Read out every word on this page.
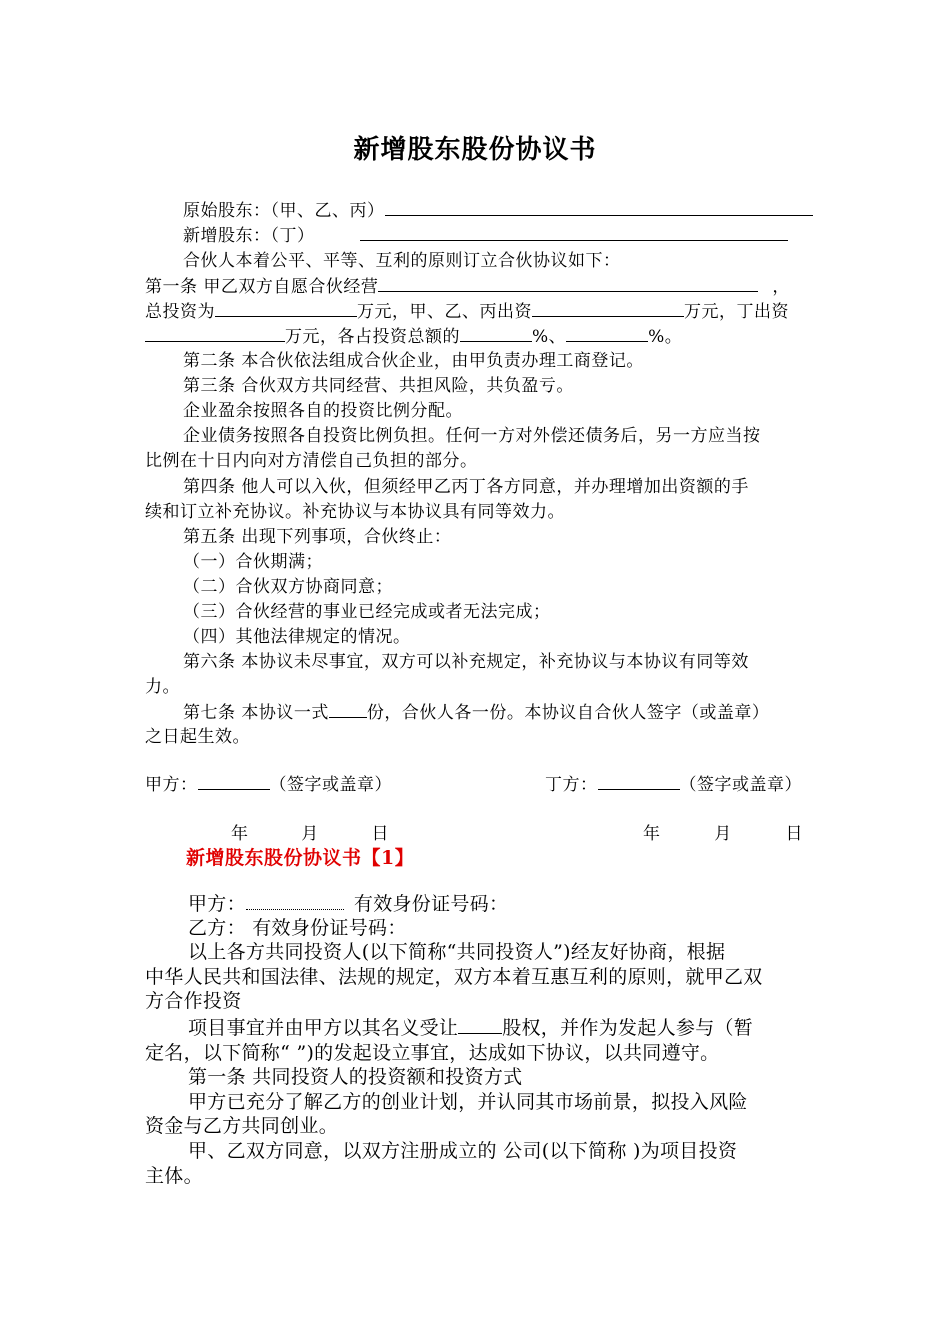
新增股东股份协议书
原始股东：（甲、乙、丙）
新增股东：（丁）
合伙人本着公平、平等、互利的原则订立合伙协议如下：
第一条 甲乙双方自愿合伙经营	，
总投资为	万元，甲、乙、丙出资	万元，丁出资
万元，各占投资总额的	%、	%。
第二条 本合伙依法组成合伙企业，由甲负责办理工商登记。
第三条 合伙双方共同经营、共担风险，共负盈亏。
企业盈余按照各自的投资比例分配。
企业债务按照各自投资比例负担。任何一方对外偿还债务后，另一方应当按
比例在十日内向对方清偿自己负担的部分。
第四条 他人可以入伙，但须经甲乙丙丁各方同意，并办理增加出资额的手
续和订立补充协议。补充协议与本协议具有同等效力。
第五条 出现下列事项，合伙终止：
（一）合伙期满；
（二）合伙双方协商同意；
（三）合伙经营的事业已经完成或者无法完成；
（四）其他法律规定的情况。
第六条 本协议未尽事宜，双方可以补充规定，补充协议与本协议有同等效
力。
第七条 本协议一式 份，合伙人各一份。本协议自合伙人签字（或盖章）
之日起生效。
甲方：	（签字或盖章）	丁方：	（签字或盖章）
年	月	日	年	月	日
新增股东股份协议书【1】
甲方：	有效身份证号码：
乙方： 有效身份证号码：
以上各方共同投资人(以下简称“共同投资人”)经友好协商，根据
中华人民共和国法律、法规的规定，双方本着互惠互利的原则，就甲乙双
方合作投资
项目事宜并由甲方以其名义受让 股权，并作为发起人参与（暂
定名，以下简称“ ”)的发起设立事宜，达成如下协议，以共同遵守。
第一条 共同投资人的投资额和投资方式
甲方已充分了解乙方的创业计划，并认同其市场前景，拟投入风险
资金与乙方共同创业。
甲、乙双方同意，以双方注册成立的 公司(以下简称 )为项目投资
主体。
